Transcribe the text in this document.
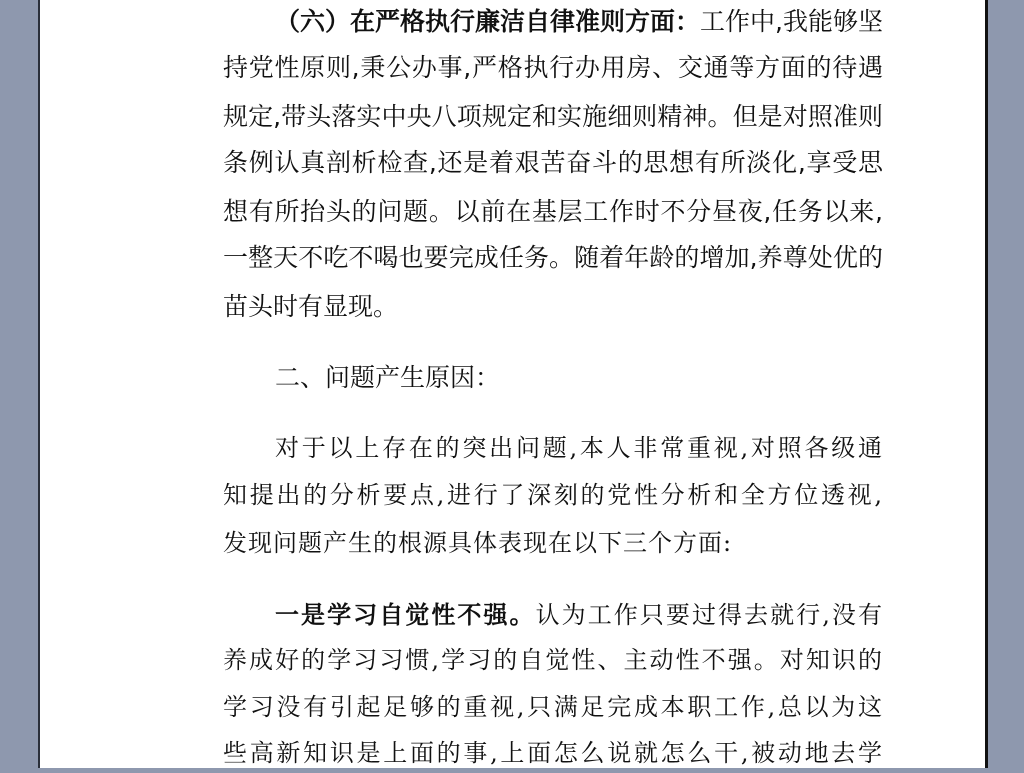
（六）在严格执行廉洁自律准则方面：工作中,我能够坚
持党性原则,秉公办事,严格执行办用房、交通等方面的待遇
规定,带头落实中央八项规定和实施细则精神。但是对照准则
条例认真剖析检查,还是着艰苦奋斗的思想有所淡化,享受思
想有所抬头的问题。以前在基层工作时不分昼夜,任务以来,
一整天不吃不喝也要完成任务。随着年龄的增加,养尊处优的
苗头时有显现。
二、问题产生原因：
对于以上存在的突出问题,本人非常重视,对照各级通
知提出的分析要点,进行了深刻的党性分析和全方位透视,
发现问题产生的根源具体表现在以下三个方面:
一是学习自觉性不强。认为工作只要过得去就行,没有
养成好的学习习惯,学习的自觉性、主动性不强。对知识的
学习没有引起足够的重视,只满足完成本职工作,总以为这
些高新知识是上面的事,上面怎么说就怎么干,被动地去学
